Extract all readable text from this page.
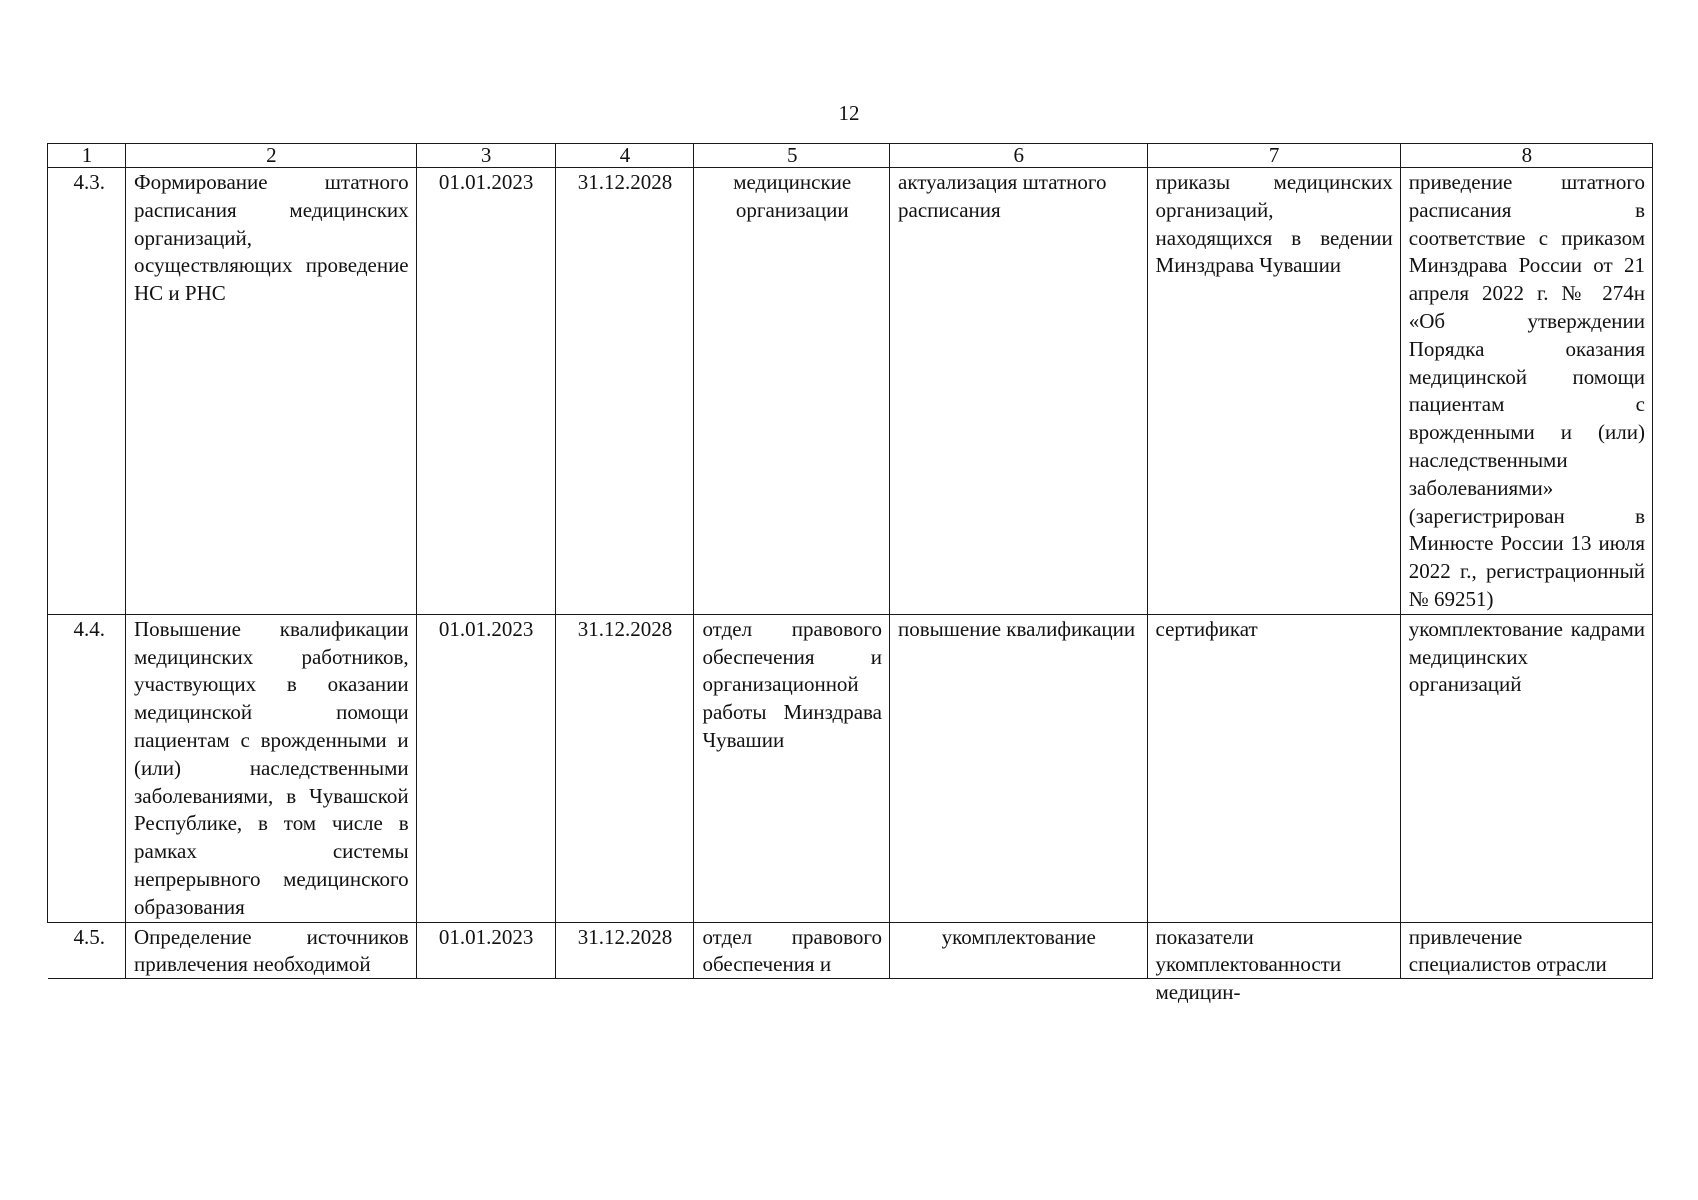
12
1	2	3	4	5	6	7	8
4.3.	Формирование штатного расписания медицинских организаций, осуществляющих проведение НС и РНС	01.01.2023	31.12.2028	медицинские организации	актуализация штатного расписания	приказы медицинских организаций, находящихся в ведении Минздрава Чувашии	приведение штатного расписания в соответствие с приказом Минздрава России от 21 апреля 2022 г. № 274н «Об утверждении Порядка оказания медицинской помощи пациентам с врожденными и (или) наследственными заболеваниями» (зарегистрирован в Минюсте России 13 июля 2022 г., регистрационный № 69251)
4.4.	Повышение квалификации медицинских работников, участвующих в оказании медицинской помощи пациентам с врожденными и (или) наследственными заболеваниями, в Чувашской Республике, в том числе в рамках системы непрерывного медицинского образования	01.01.2023	31.12.2028	отдел правового обеспечения и организационной работы Минздрава Чувашии	повышение квалификации	сертификат	укомплектование кадрами медицинских организаций

4.5.	Определение источников привлечения необходимой	01.01.2023	31.12.2028	отдел правового обеспечения и	укомплектование	показатели укомплектованности медицин-	привлечение специалистов отрасли
